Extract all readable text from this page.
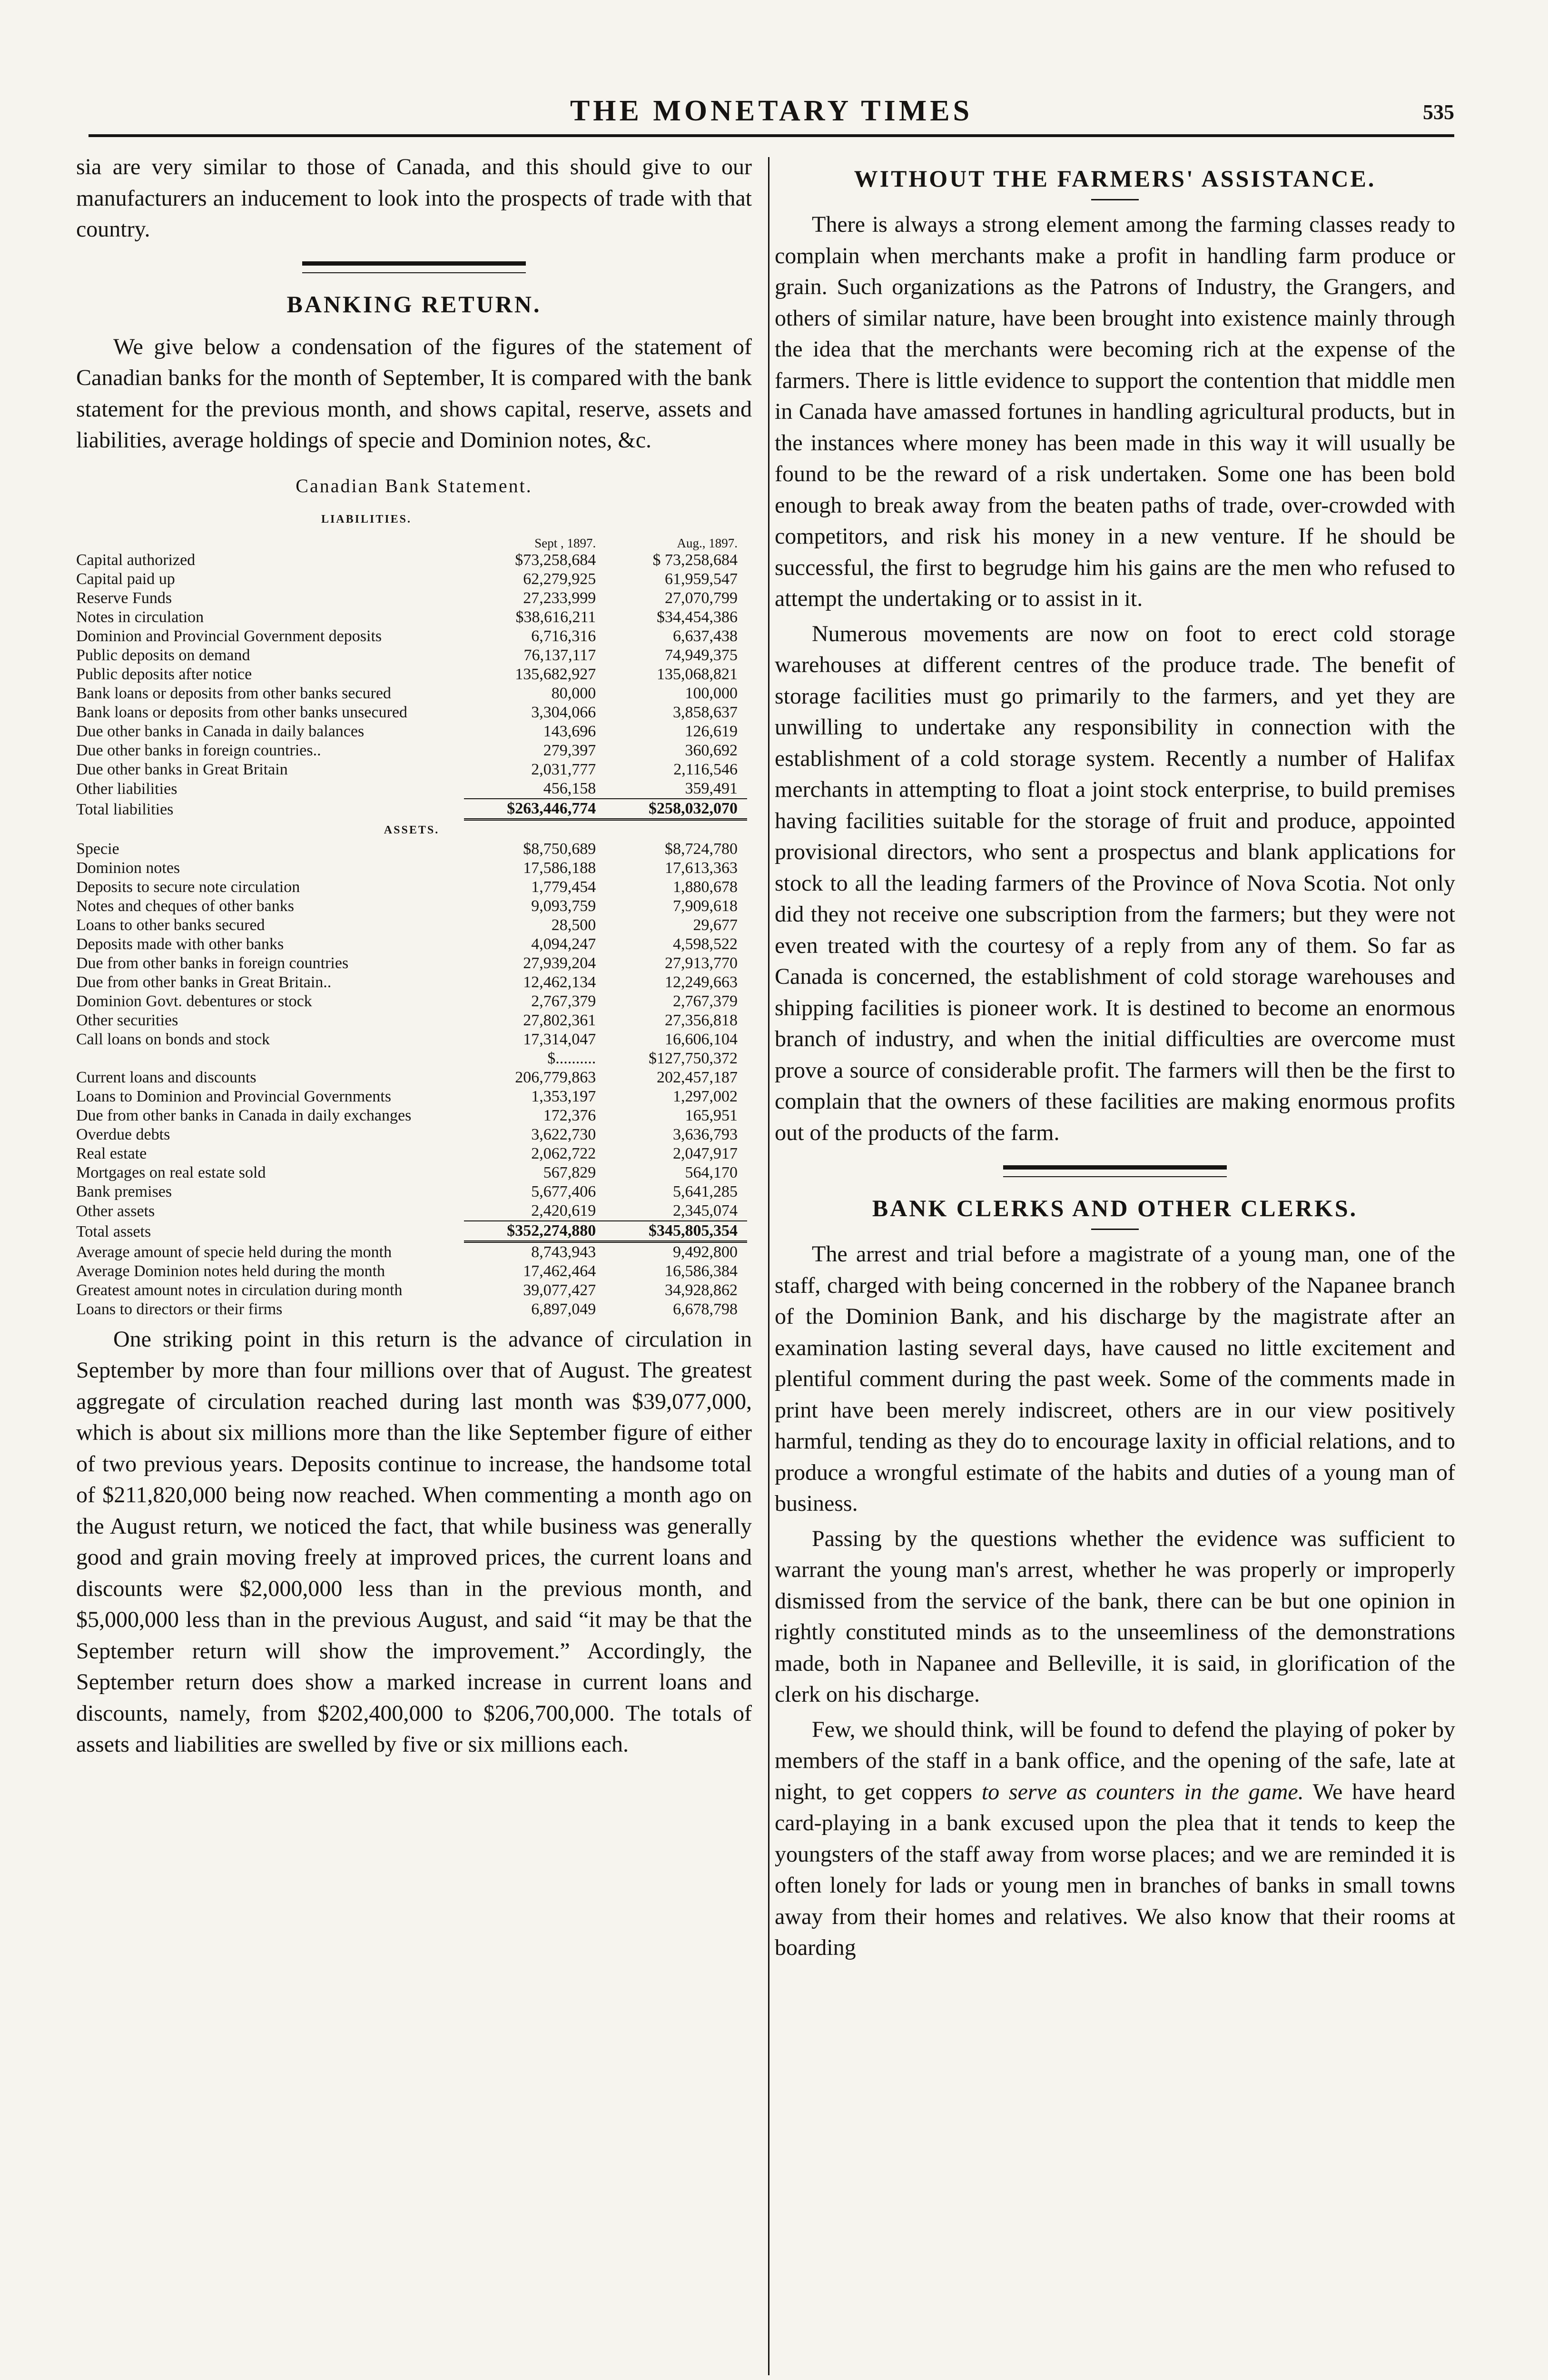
THE MONETARY TIMES	535

sia are very similar to those of Canada, and this should give to our manufacturers an inducement to look into the prospects of trade with that country.

BANKING RETURN.

We give below a condensation of the figures of the statement of Canadian banks for the month of September, It is compared with the bank statement for the previous month, and shows capital, reserve, assets and liabilities, average holdings of specie and Dominion notes, &c.

Canadian Bank Statement.
LIABILITIES.
	Sept , 1897.	Aug., 1897.
Capital authorized	$73,258,684	$ 73,258,684
Capital paid up	62,279,925	61,959,547
Reserve Funds	27,233,999	27,070,799
Notes in circulation	$38,616,211	$34,454,386
Dominion and Provincial Government deposits	6,716,316	6,637,438
Public deposits on demand	76,137,117	74,949,375
Public deposits after notice	135,682,927	135,068,821
Bank loans or deposits from other banks secured	80,000	100,000
Bank loans or deposits from other banks unsecured	3,304,066	3,858,637
Due other banks in Canada in daily balances	143,696	126,619
Due other banks in foreign countries..	279,397	360,692
Due other banks in Great Britain	2,031,777	2,116,546
Other liabilities	456,158	359,491
Total liabilities	$263,446,774	$258,032,070
ASSETS.		
Specie	$8,750,689	$8,724,780
Dominion notes	17,586,188	17,613,363
Deposits to secure note circulation	1,779,454	1,880,678
Notes and cheques of other banks	9,093,759	7,909,618
Loans to other banks secured	28,500	29,677
Deposits made with other banks	4,094,247	4,598,522
Due from other banks in foreign countries	27,939,204	27,913,770
Due from other banks in Great Britain..	12,462,134	12,249,663
Dominion Govt. debentures or stock	2,767,379	2,767,379
Other securities	27,802,361	27,356,818
Call loans on bonds and stock	17,314,047	16,606,104
	$..........	$127,750,372
Current loans and discounts	206,779,863	202,457,187
Loans to Dominion and Provincial Governments	1,353,197	1,297,002
Due from other banks in Canada in daily exchanges	172,376	165,951
Overdue debts	3,622,730	3,636,793
Real estate	2,062,722	2,047,917
Mortgages on real estate sold	567,829	564,170
Bank premises	5,677,406	5,641,285
Other assets	2,420,619	2,345,074
Total assets	$352,274,880	$345,805,354
Average amount of specie held during the month	8,743,943	9,492,800
Average Dominion notes held during the month	17,462,464	16,586,384
Greatest amount notes in circulation during month	39,077,427	34,928,862
Loans to directors or their firms	6,897,049	6,678,798

One striking point in this return is the advance of circulation in September by more than four millions over that of August. The greatest aggregate of circulation reached during last month was $39,077,000, which is about six millions more than the like September figure of either of two previous years. Deposits continue to increase, the handsome total of $211,820,000 being now reached. When commenting a month ago on the August return, we noticed the fact, that while business was generally good and grain moving freely at improved prices, the current loans and discounts were $2,000,000 less than in the previous month, and $5,000,000 less than in the previous August, and said “it may be that the September return will show the improvement.” Accordingly, the September return does show a marked increase in current loans and discounts, namely, from $202,400,000 to $206,700,000. The totals of assets and liabilities are swelled by five or six millions each.

WITHOUT THE FARMERS' ASSISTANCE.

There is always a strong element among the farming classes ready to complain when merchants make a profit in handling farm produce or grain. Such organizations as the Patrons of Industry, the Grangers, and others of similar nature, have been brought into existence mainly through the idea that the merchants were becoming rich at the expense of the farmers. There is little evidence to support the contention that middle men in Canada have amassed fortunes in handling agricultural products, but in the instances where money has been made in this way it will usually be found to be the reward of a risk undertaken. Some one has been bold enough to break away from the beaten paths of trade, over-crowded with competitors, and risk his money in a new venture. If he should be successful, the first to begrudge him his gains are the men who refused to attempt the undertaking or to assist in it.

Numerous movements are now on foot to erect cold storage warehouses at different centres of the produce trade. The benefit of storage facilities must go primarily to the farmers, and yet they are unwilling to undertake any responsibility in connection with the establishment of a cold storage system. Recently a number of Halifax merchants in attempting to float a joint stock enterprise, to build premises having facilities suitable for the storage of fruit and produce, appointed provisional directors, who sent a prospectus and blank applications for stock to all the leading farmers of the Province of Nova Scotia. Not only did they not receive one subscription from the farmers; but they were not even treated with the courtesy of a reply from any of them. So far as Canada is concerned, the establishment of cold storage warehouses and shipping facilities is pioneer work. It is destined to become an enormous branch of industry, and when the initial difficulties are overcome must prove a source of considerable profit. The farmers will then be the first to complain that the owners of these facilities are making enormous profits out of the products of the farm.

BANK CLERKS AND OTHER CLERKS.

The arrest and trial before a magistrate of a young man, one of the staff, charged with being concerned in the robbery of the Napanee branch of the Dominion Bank, and his discharge by the magistrate after an examination lasting several days, have caused no little excitement and plentiful comment during the past week. Some of the comments made in print have been merely indiscreet, others are in our view positively harmful, tending as they do to encourage laxity in official relations, and to produce a wrongful estimate of the habits and duties of a young man of business.

Passing by the questions whether the evidence was sufficient to warrant the young man's arrest, whether he was properly or improperly dismissed from the service of the bank, there can be but one opinion in rightly constituted minds as to the unseemliness of the demonstrations made, both in Napanee and Belleville, it is said, in glorification of the clerk on his discharge.

Few, we should think, will be found to defend the playing of poker by members of the staff in a bank office, and the opening of the safe, late at night, to get coppers to serve as counters in the game. We have heard card-playing in a bank excused upon the plea that it tends to keep the youngsters of the staff away from worse places; and we are reminded it is often lonely for lads or young men in branches of banks in small towns away from their homes and relatives. We also know that their rooms at boarding
